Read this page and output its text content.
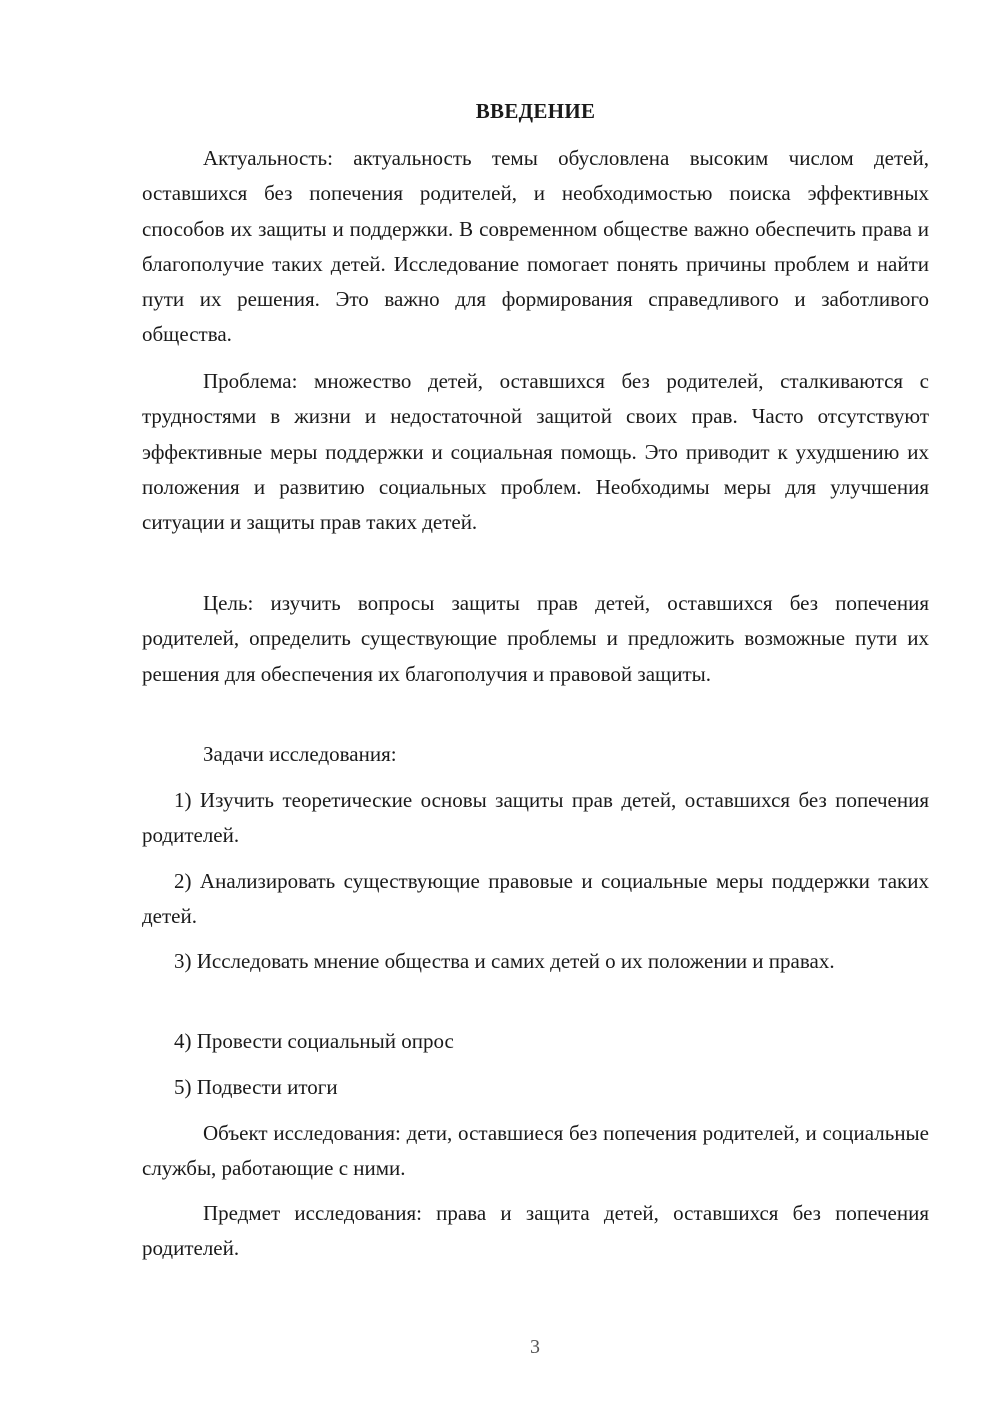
ВВЕДЕНИЕ

Актуальность: актуальность темы обусловлена высоким числом детей, оставшихся без попечения родителей, и необходимостью поиска эффективных способов их защиты и поддержки. В современном обществе важно обеспечить права и благополучие таких детей. Исследование помогает понять причины проблем и найти пути их решения. Это важно для формирования справедливого и заботливого общества.

Проблема: множество детей, оставшихся без родителей, сталкиваются с трудностями в жизни и недостаточной защитой своих прав. Часто отсутствуют эффективные меры поддержки и социальная помощь. Это приводит к ухудшению их положения и развитию социальных проблем. Необходимы меры для улучшения ситуации и защиты прав таких детей.

Цель: изучить вопросы защиты прав детей, оставшихся без попечения родителей, определить существующие проблемы и предложить возможные пути их решения для обеспечения их благополучия и правовой защиты.

Задачи исследования:

1) Изучить теоретические основы защиты прав детей, оставшихся без попечения родителей.

2) Анализировать существующие правовые и социальные меры поддержки таких детей.

3) Исследовать мнение общества и самих детей о их положении и правах.

4) Провести социальный опрос

5) Подвести итоги

Объект исследования: дети, оставшиеся без попечения родителей, и социальные службы, работающие с ними.

Предмет исследования: права и защита детей, оставшихся без попечения родителей.

3
